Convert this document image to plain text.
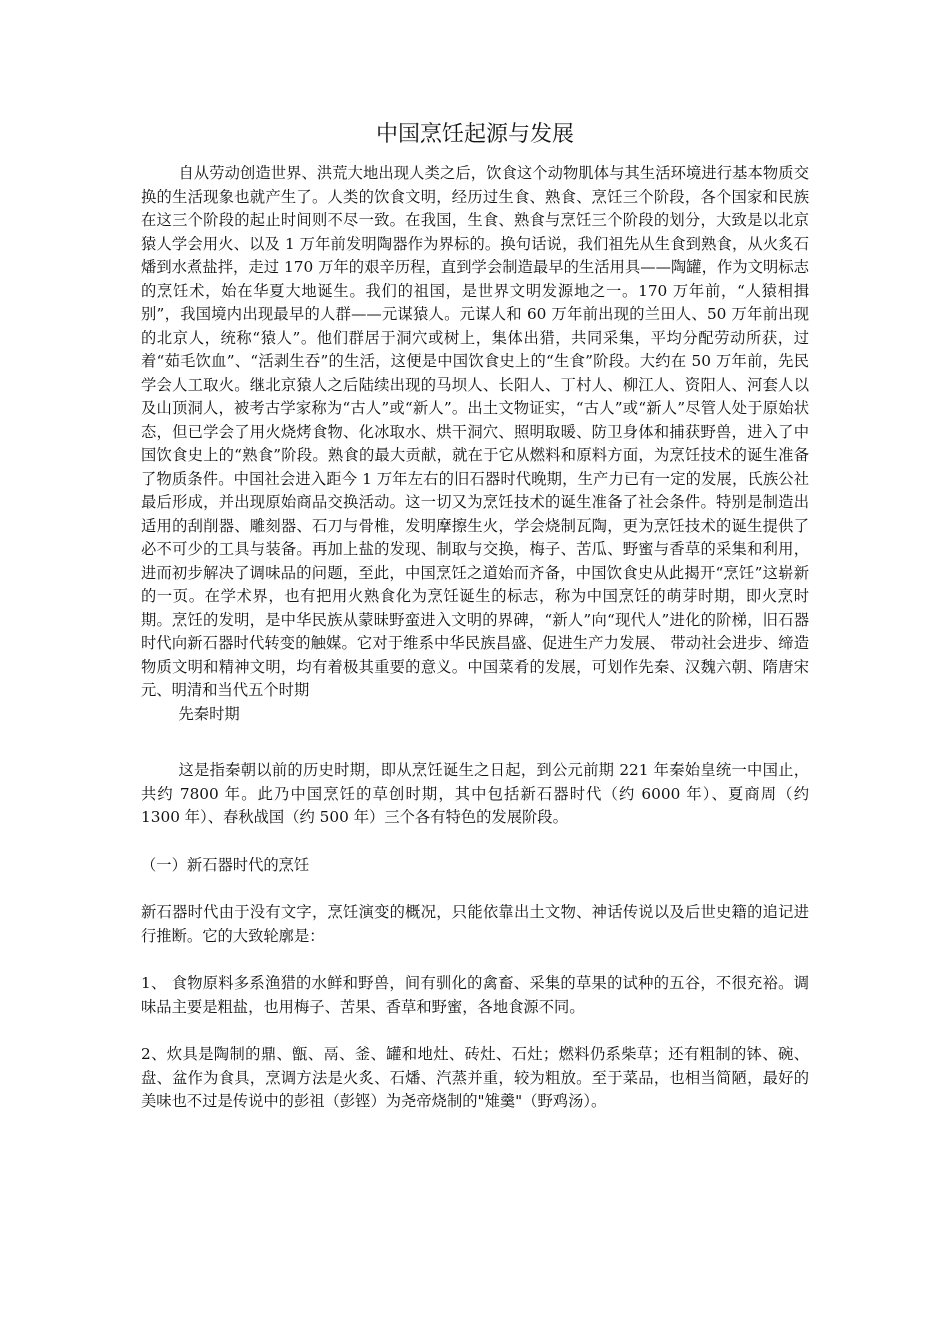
中国烹饪起源与发展

自从劳动创造世界、洪荒大地出现人类之后，饮食这个动物肌体与其生活环境进行基本物质交换的生活现象也就产生了。人类的饮食文明，经历过生食、熟食、烹饪三个阶段，各个国家和民族在这三个阶段的起止时间则不尽一致。在我国，生食、熟食与烹饪三个阶段的划分，大致是以北京猿人学会用火、以及 1 万年前发明陶器作为界标的。换句话说，我们祖先从生食到熟食，从火炙石燔到水煮盐拌，走过 170 万年的艰辛历程，直到学会制造最早的生活用具——陶罐，作为文明标志的烹饪术，始在华夏大地诞生。我们的祖国，是世界文明发源地之一。170 万年前，“人猿相揖别”，我国境内出现最早的人群——元谋猿人。元谋人和 60 万年前出现的兰田人、50 万年前出现的北京人，统称“猿人”。他们群居于洞穴或树上，集体出猎，共同采集，平均分配劳动所获，过着“茹毛饮血”、“活剥生吞”的生活，这便是中国饮食史上的“生食”阶段。大约在 50 万年前，先民学会人工取火。继北京猿人之后陆续出现的马坝人、长阳人、丁村人、柳江人、资阳人、河套人以及山顶洞人，被考古学家称为“古人”或“新人”。出土文物证实，“古人”或“新人”尽管人处于原始状态，但已学会了用火烧烤食物、化冰取水、烘干洞穴、照明取暖、防卫身体和捕获野兽，进入了中国饮食史上的“熟食”阶段。熟食的最大贡献，就在于它从燃料和原料方面，为烹饪技术的诞生准备了物质条件。中国社会进入距今 1 万年左右的旧石器时代晚期，生产力已有一定的发展，氏族公社最后形成，并出现原始商品交换活动。这一切又为烹饪技术的诞生准备了社会条件。特别是制造出适用的刮削器、雕刻器、石刀与骨椎，发明摩擦生火，学会烧制瓦陶，更为烹饪技术的诞生提供了必不可少的工具与装备。再加上盐的发现、制取与交换，梅子、苦瓜、野蜜与香草的采集和利用，进而初步解决了调味品的问题，至此，中国烹饪之道始而齐备，中国饮食史从此揭开“烹饪”这崭新的一页。在学术界，也有把用火熟食化为烹饪诞生的标志，称为中国烹饪的萌芽时期，即火烹时期。烹饪的发明，是中华民族从蒙昧野蛮进入文明的界碑，“新人”向“现代人”进化的阶梯，旧石器时代向新石器时代转变的触媒。它对于维系中华民族昌盛、促进生产力发展、 带动社会进步、缔造物质文明和精神文明，均有着极其重要的意义。中国菜肴的发展，可划作先秦、汉魏六朝、隋唐宋元、明清和当代五个时期

先秦时期

这是指秦朝以前的历史时期，即从烹饪诞生之日起，到公元前期 221 年秦始皇统一中国止，共约 7800 年。此乃中国烹饪的草创时期，其中包括新石器时代（约 6000 年）、夏商周（约 1300 年）、春秋战国（约 500 年）三个各有特色的发展阶段。

（一）新石器时代的烹饪

新石器时代由于没有文字，烹饪演变的概况，只能依靠出土文物、神话传说以及后世史籍的追记进行推断。它的大致轮廓是：

1、 食物原料多系渔猎的水鲜和野兽，间有驯化的禽畜、采集的草果的试种的五谷，不很充裕。调味品主要是粗盐，也用梅子、苦果、香草和野蜜，各地食源不同。

2、炊具是陶制的鼎、甑、鬲、釜、罐和地灶、砖灶、石灶；燃料仍系柴草；还有粗制的钵、碗、盘、盆作为食具，烹调方法是火炙、石燔、汽蒸并重，较为粗放。至于菜品，也相当简陋，最好的美味也不过是传说中的彭祖（彭铿）为尧帝烧制的"雉羹"（野鸡汤）。
